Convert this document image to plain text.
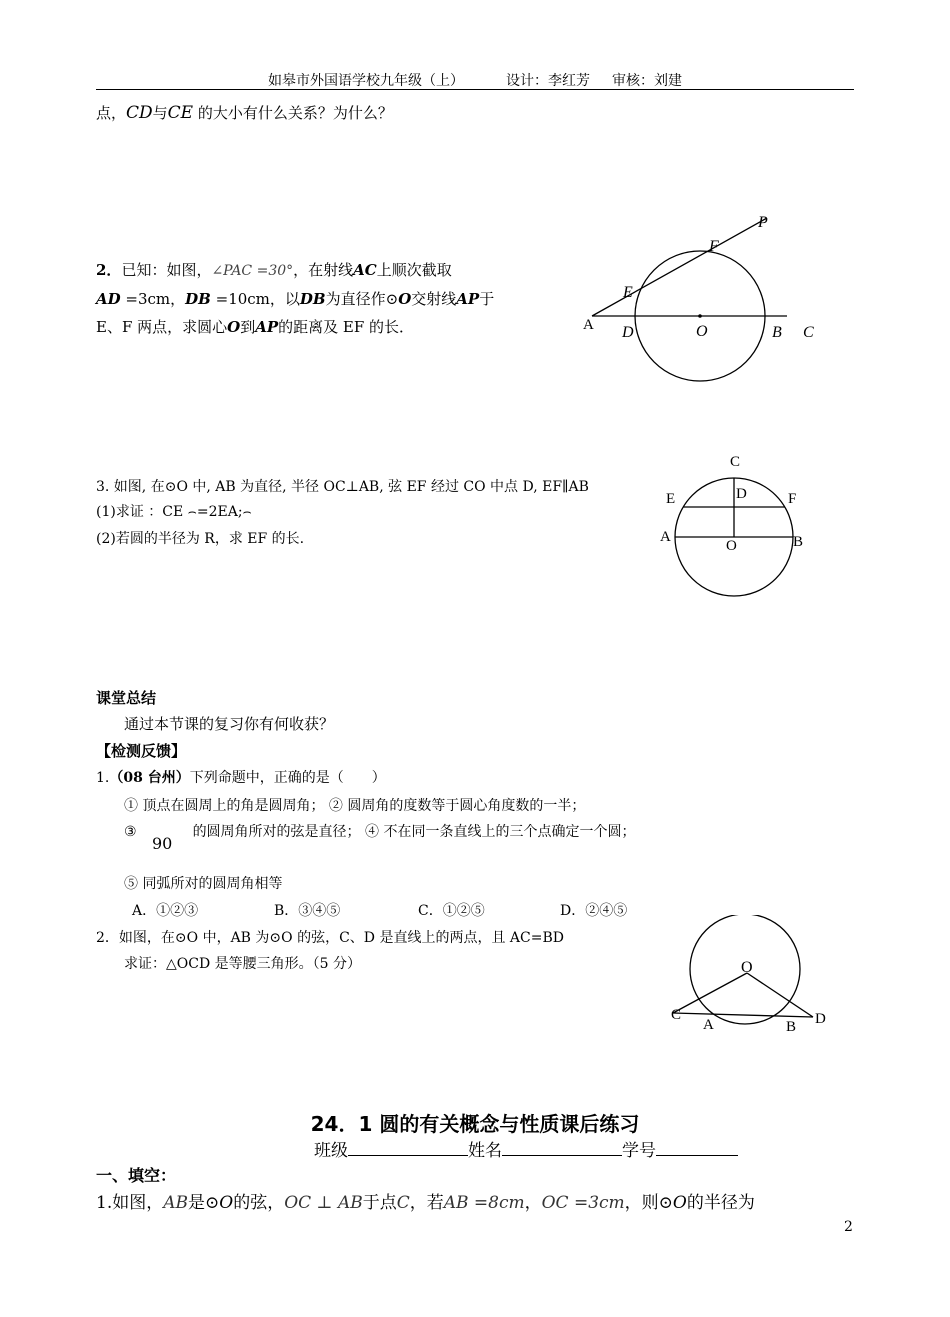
如皋市外国语学校九年级（上）	设计：李红芳 审核：刘建
点，CD与CE 的大小有什么关系？为什么？
2．已知：如图，∠PAC =30°，在射线AC上顺次截取
AD =3cm，DB =10cm，以DB为直径作⊙O交射线AP于
E、F 两点，求圆心O到AP的距离及 EF 的长．
P
F
E
A D	O	B C
3. 如图, 在⊙O 中, AB 为直径, 半径 OC⊥AB, 弦 EF 经过 CO 中点 D, EF∥AB
(1)求证 ：CE ⌢=2EA;⌢
(2)若圆的半径为 R，求 EF 的长.
C
E	D	F
A
O	B
课堂总结
通过本节课的复习你有何收获？
【检测反馈】
1.（08 台州）下列命题中，正确的是（　　）
① 顶点在圆周上的角是圆周角； ② 圆周角的度数等于圆心角度数的一半；
③	的圆周角所对的弦是直径； ④ 不在同一条直线上的三个点确定一个圆；
90
⑤ 同弧所对的圆周角相等
A．①②③	B．③④⑤	C．①②⑤	D．②④⑤
2．如图，在⊙O 中，AB 为⊙O 的弦，C、D 是直线上的两点，且 AC=BD
求证：△OCD 是等腰三角形。（5 分）	O
C
A	B D
24．1 圆的有关概念与性质课后练习
班级	姓名	学号
一、填空：
1.如图，AB是⊙O的弦，OC ⊥ AB于点C，若AB =8cm，OC =3cm，则⊙O的半径为
2
